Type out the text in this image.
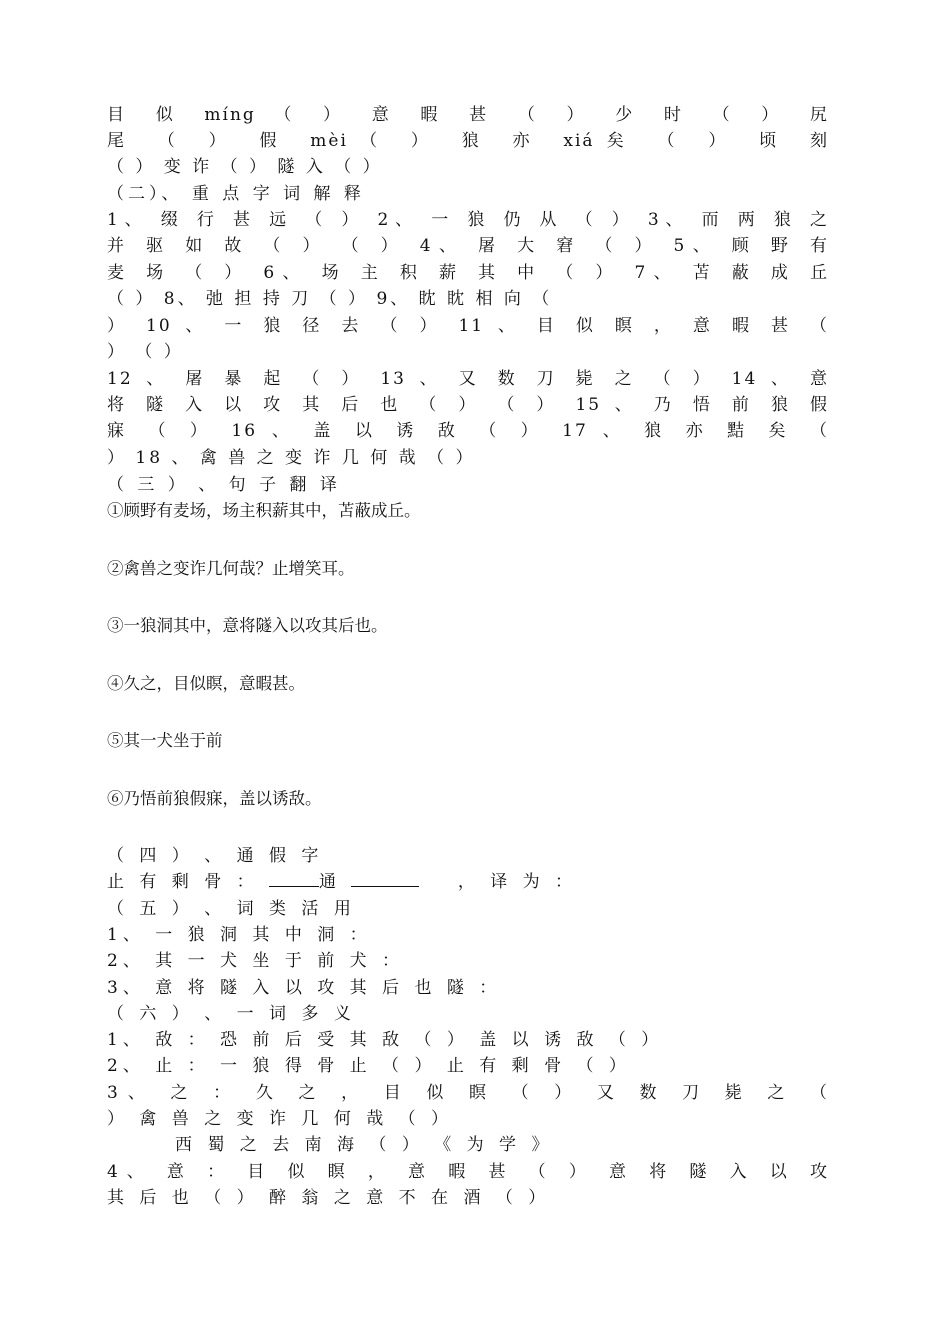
目 似 míng （ ） 意 暇 甚 （ ） 少 时 （ ） 尻
尾 （ ） 假 mèi（ ） 狼 亦 xiá矣 （ ） 顷 刻
（ ） 变 诈 （ ） 隧 入 （ ）
（二）、 重 点 字 词 解 释
1、 缀 行 甚 远 （ ） 2、 一 狼 仍 从 （ ） 3、 而 两 狼 之
并 驱 如 故 （ ） （ ） 4、 屠 大 窘 （ ） 5、 顾 野 有
麦 场 （ ） 6、 场 主 积 薪 其 中 （ ） 7、 苫 蔽 成 丘
（ ） 8、 弛 担 持 刀 （ ） 9、 眈 眈 相 向 （
） 10 、 一 狼 径 去 （ ） 11 、 目 似 瞑 ， 意 暇 甚 （
） （ ）
12 、 屠 暴 起 （ ） 13 、 又 数 刀 毙 之 （ ） 14 、 意
将 隧 入 以 攻 其 后 也 （ ） （ ） 15 、 乃 悟 前 狼 假
寐 （ ） 16 、 盖 以 诱 敌 （ ） 17 、 狼 亦 黠 矣 （
） 18 、 禽 兽 之 变 诈 几 何 哉 （ ）
（ 三 ） 、 句 子 翻 译
①顾野有麦场，场主积薪其中，苫蔽成丘。
②禽兽之变诈几何哉？止增笑耳。
③一狼洞其中，意将隧入以攻其后也。
④久之，目似瞑，意暇甚。
⑤其一犬坐于前
⑥乃悟前狼假寐，盖以诱敌。
（ 四 ） 、 通 假 字
止 有 剩 骨 ：	通	， 译 为 ：
（ 五 ） 、 词 类 活 用
1、 一 狼 洞 其 中 洞 ：
2、 其 一 犬 坐 于 前 犬 ：
3、 意 将 隧 入 以 攻 其 后 也 隧 ：
（ 六 ） 、 一 词 多 义
1、 敌 ： 恐 前 后 受 其 敌 （ ） 盖 以 诱 敌 （ ）
2、 止 ： 一 狼 得 骨 止 （ ） 止 有 剩 骨 （ ）
3、 之 ： 久 之 ， 目 似 瞑 （ ） 又 数 刀 毙 之 （
） 禽 兽 之 变 诈 几 何 哉 （ ）
西 蜀 之 去 南 海 （ ） 《 为 学 》
4、 意 ： 目 似 瞑 ， 意 暇 甚 （ ） 意 将 隧 入 以 攻
其 后 也 （ ） 醉 翁 之 意 不 在 酒 （ ）
